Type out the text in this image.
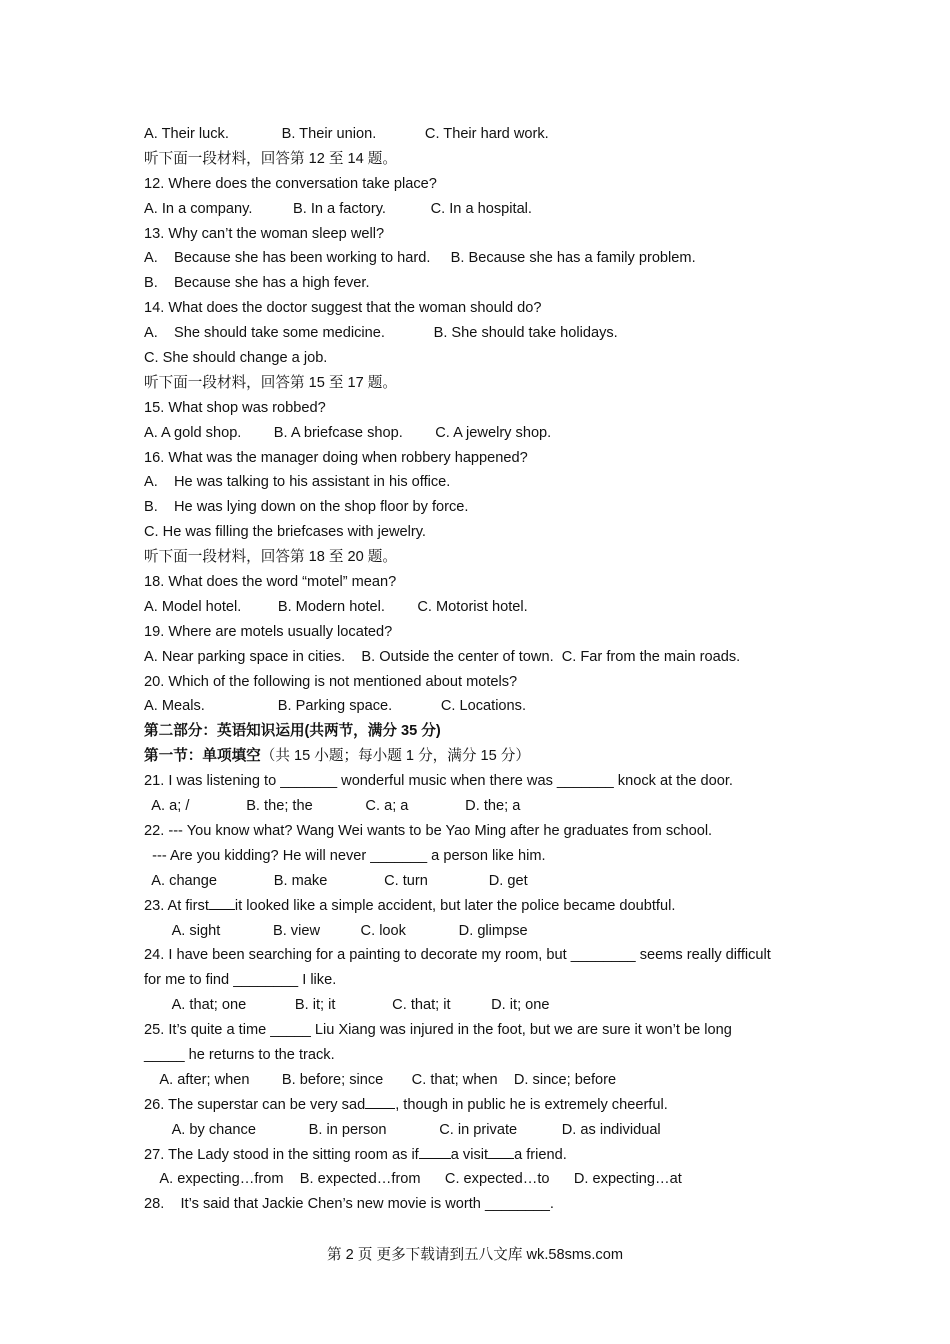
A. Their luck.             B. Their union.            C. Their hard work.
听下面一段材料，回答第 12 至 14 题。
12. Where does the conversation take place?
A. In a company.          B. In a factory.           C. In a hospital.
13. Why can’t the woman sleep well?
A.    Because she has been working to hard.     B. Because she has a family problem.
B.    Because she has a high fever.
14. What does the doctor suggest that the woman should do?
A.    She should take some medicine.            B. She should take holidays.
C. She should change a job.
听下面一段材料，回答第 15 至 17 题。
15. What shop was robbed?
A. A gold shop.        B. A briefcase shop.        C. A jewelry shop.
16. What was the manager doing when robbery happened?
A.    He was talking to his assistant in his office.
B.    He was lying down on the shop floor by force.
C. He was filling the briefcases with jewelry.
听下面一段材料，回答第 18 至 20 题。
18. What does the word “motel” mean?
A. Model hotel.         B. Modern hotel.        C. Motorist hotel.
19. Where are motels usually located?
A. Near parking space in cities.    B. Outside the center of town.  C. Far from the main roads.
20. Which of the following is not mentioned about motels?
A. Meals.                  B. Parking space.            C. Locations.
第二部分：英语知识运用(共两节，满分 35 分)
第一节：单项填空（共 15 小题；每小题 1 分，满分 15 分）
21. I was listening to _______ wonderful music when there was _______ knock at the door.
A. a; /              B. the; the             C. a; a              D. the; a
22. --- You know what? Wang Wei wants to be Yao Ming after he graduates from school.
--- Are you kidding? He will never _______ a person like him.
A. change              B. make              C. turn               D. get
23. At first it looked like a simple accident, but later the police became doubtful.
A. sight             B. view          C. look             D. glimpse
24. I have been searching for a painting to decorate my room, but ________ seems really difficult
for me to find ________ I like.
A. that; one            B. it; it              C. that; it          D. it; one
25. It’s quite a time _____ Liu Xiang was injured in the foot, but we are sure it won’t be long
_____ he returns to the track.
A. after; when        B. before; since       C. that; when    D. since; before
26. The superstar can be very sad , though in public he is extremely cheerful.
A. by chance             B. in person             C. in private           D. as individual
27. The Lady stood in the sitting room as if a visit a friend.
A. expecting…from    B. expected…from      C. expected…to      D. expecting…at
28.    It’s said that Jackie Chen’s new movie is worth ________.
第 2 页 更多下载请到五八文库 wk.58sms.com
